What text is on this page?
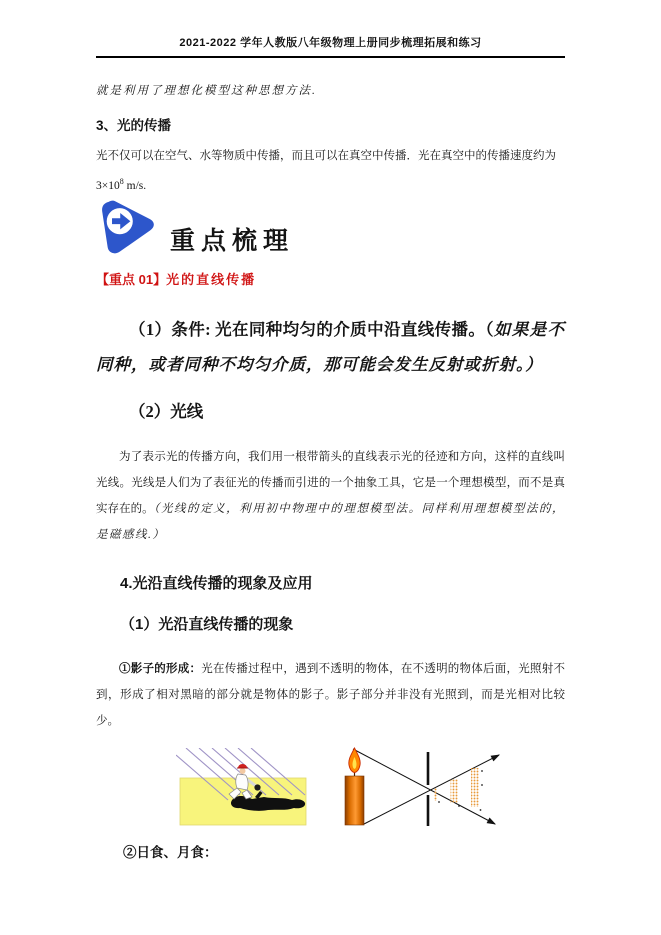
2021-2022 学年人教版八年级物理上册同步梳理拓展和练习

就是利用了理想化模型这种思想方法.

3、光的传播

光不仅可以在空气、水等物质中传播，而且可以在真空中传播．光在真空中的传播速度约为

$3\times 10^8$ m/s.
重点梳理
【重点 01】光的直线传播

（1）条件: 光在同种均匀的介质中沿直线传播。（如果是不同种，或者同种不均匀介质，那可能会发生反射或折射。）

（2）光线

为了表示光的传播方向，我们用一根带箭头的直线表示光的径迹和方向，这样的直线叫光线。光线是人们为了表征光的传播而引进的一个抽象工具，它是一个理想模型，而不是真实存在的。（光线的定义，利用初中物理中的理想模型法。同样利用理想模型法的，是磁感线.）

4.光沿直线传播的现象及应用
（1）光沿直线传播的现象

①影子的形成：光在传播过程中，遇到不透明的物体，在不透明的物体后面，光照射不到，形成了相对黑暗的部分就是物体的影子。影子部分并非没有光照到，而是光相对比较少。

②日食、月食：
